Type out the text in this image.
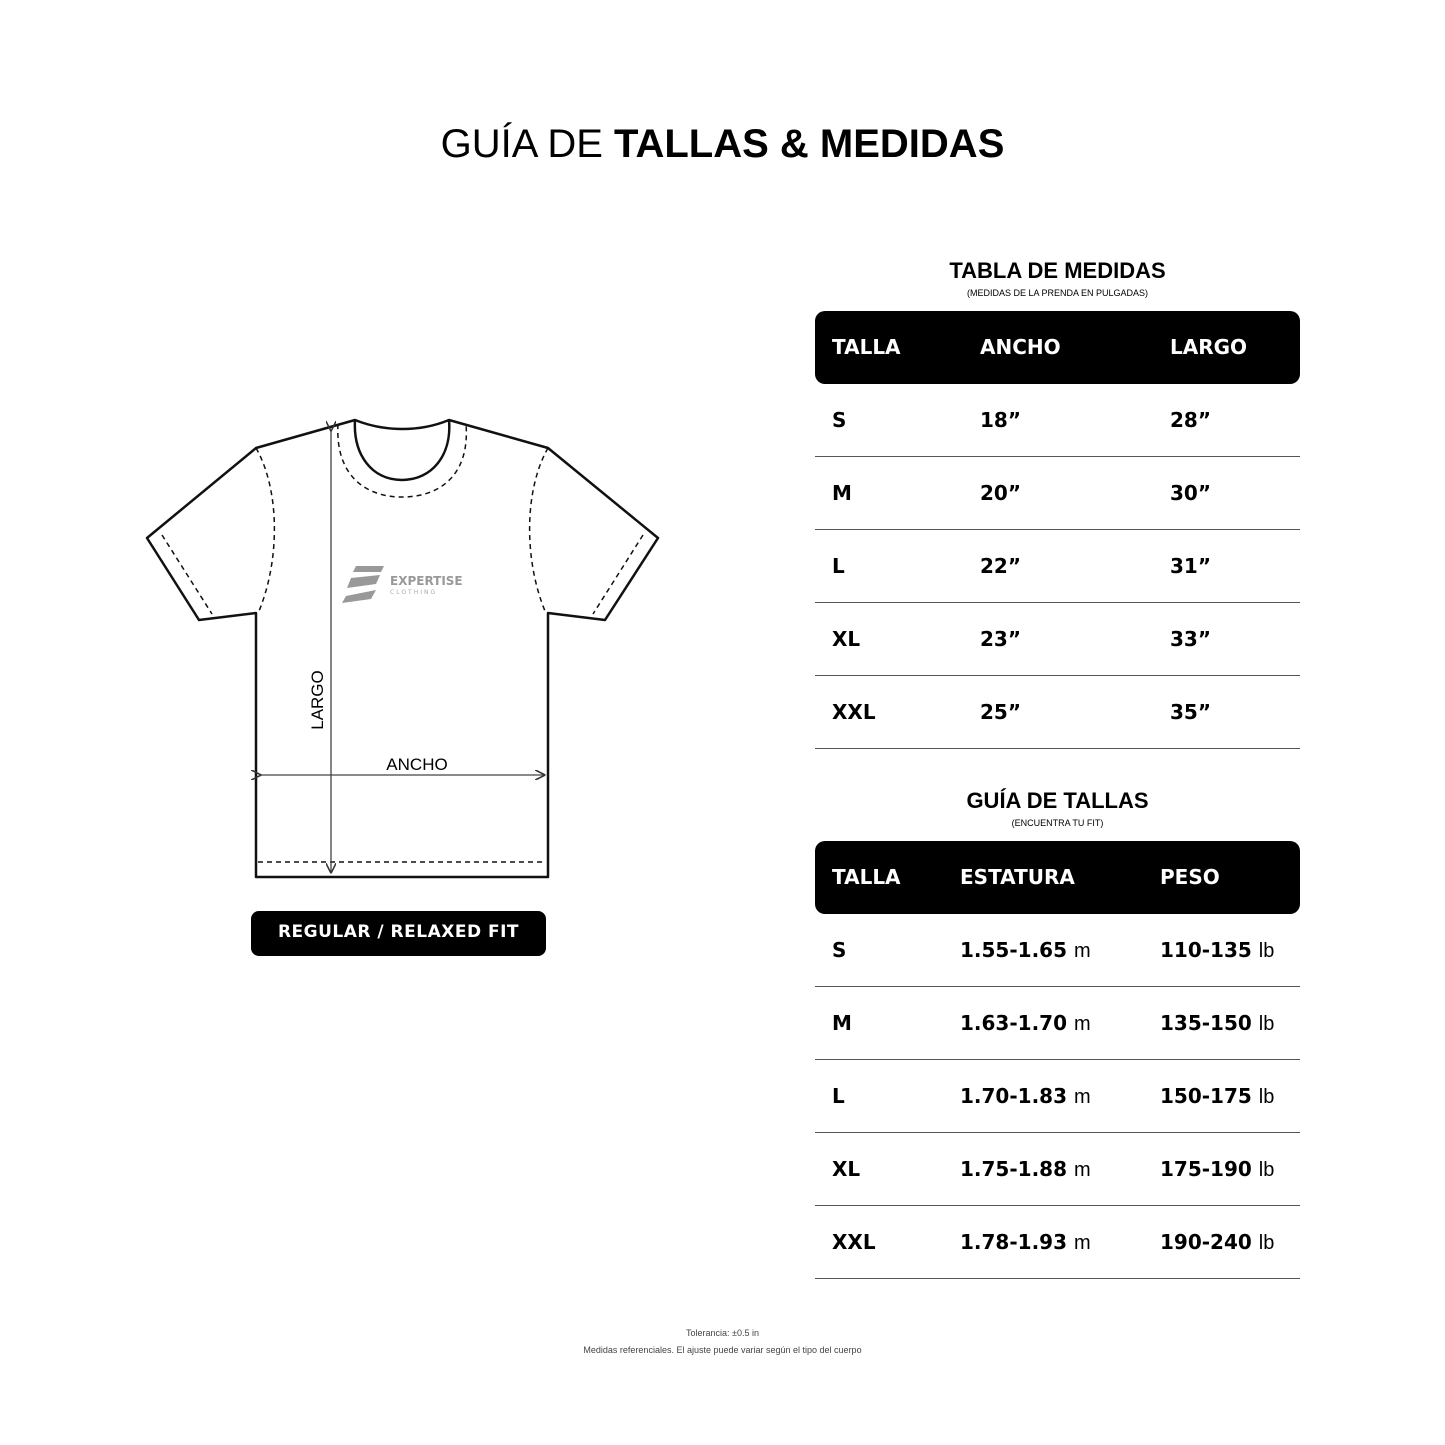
GUÍA DE TALLAS & MEDIDAS
LARGO
ANCHO
EXPERTISE
CLOTHING
REGULAR / RELAXED FIT
TABLA DE MEDIDAS
(MEDIDAS DE LA PRENDA EN PULGADAS)
TALLA	ANCHO	LARGO
S	18”	28”
M	20”	30”
L	22”	31”
XL	23”	33”
XXL	25”	35”
GUÍA DE TALLAS
(ENCUENTRA TU FIT)
TALLA	ESTATURA	PESO
S	1.55-1.65 m	110-135 lb
M	1.63-1.70 m	135-150 lb
L	1.70-1.83 m	150-175 lb
XL	1.75-1.88 m	175-190 lb
XXL	1.78-1.93 m	190-240 lb
Tolerancia: ±0.5 in
Medidas referenciales. El ajuste puede variar según el tipo del cuerpo
